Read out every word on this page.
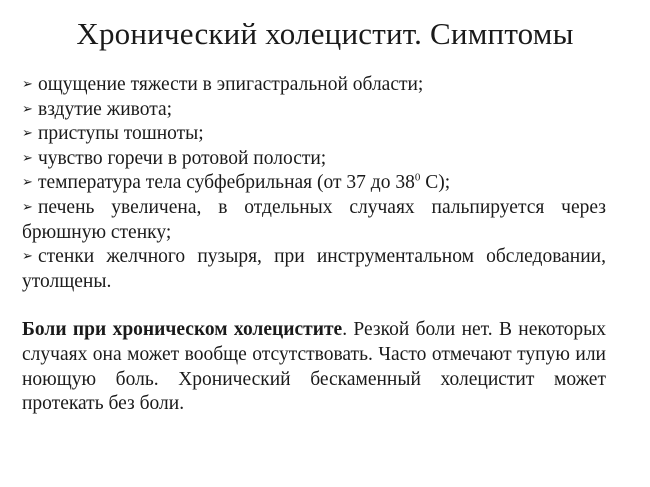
Хронический холецистит. Симптомы
➢ ощущение тяжести в эпигастральной области;
➢ вздутие живота;
➢ приступы тошноты;
➢ чувство горечи в ротовой полости;
➢ температура тела субфебрильная (от 37 до $38^0$ С);
➢ печень увеличена, в отдельных случаях пальпируется через брюшную стенку;
➢ стенки желчного пузыря, при инструментальном обследовании, утолщены.
Боли при хроническом холецистите. Резкой боли нет. В некоторых случаях она может вообще отсутствовать. Часто отмечают тупую или ноющую боль. Хронический бескаменный холецистит может протекать без боли.
